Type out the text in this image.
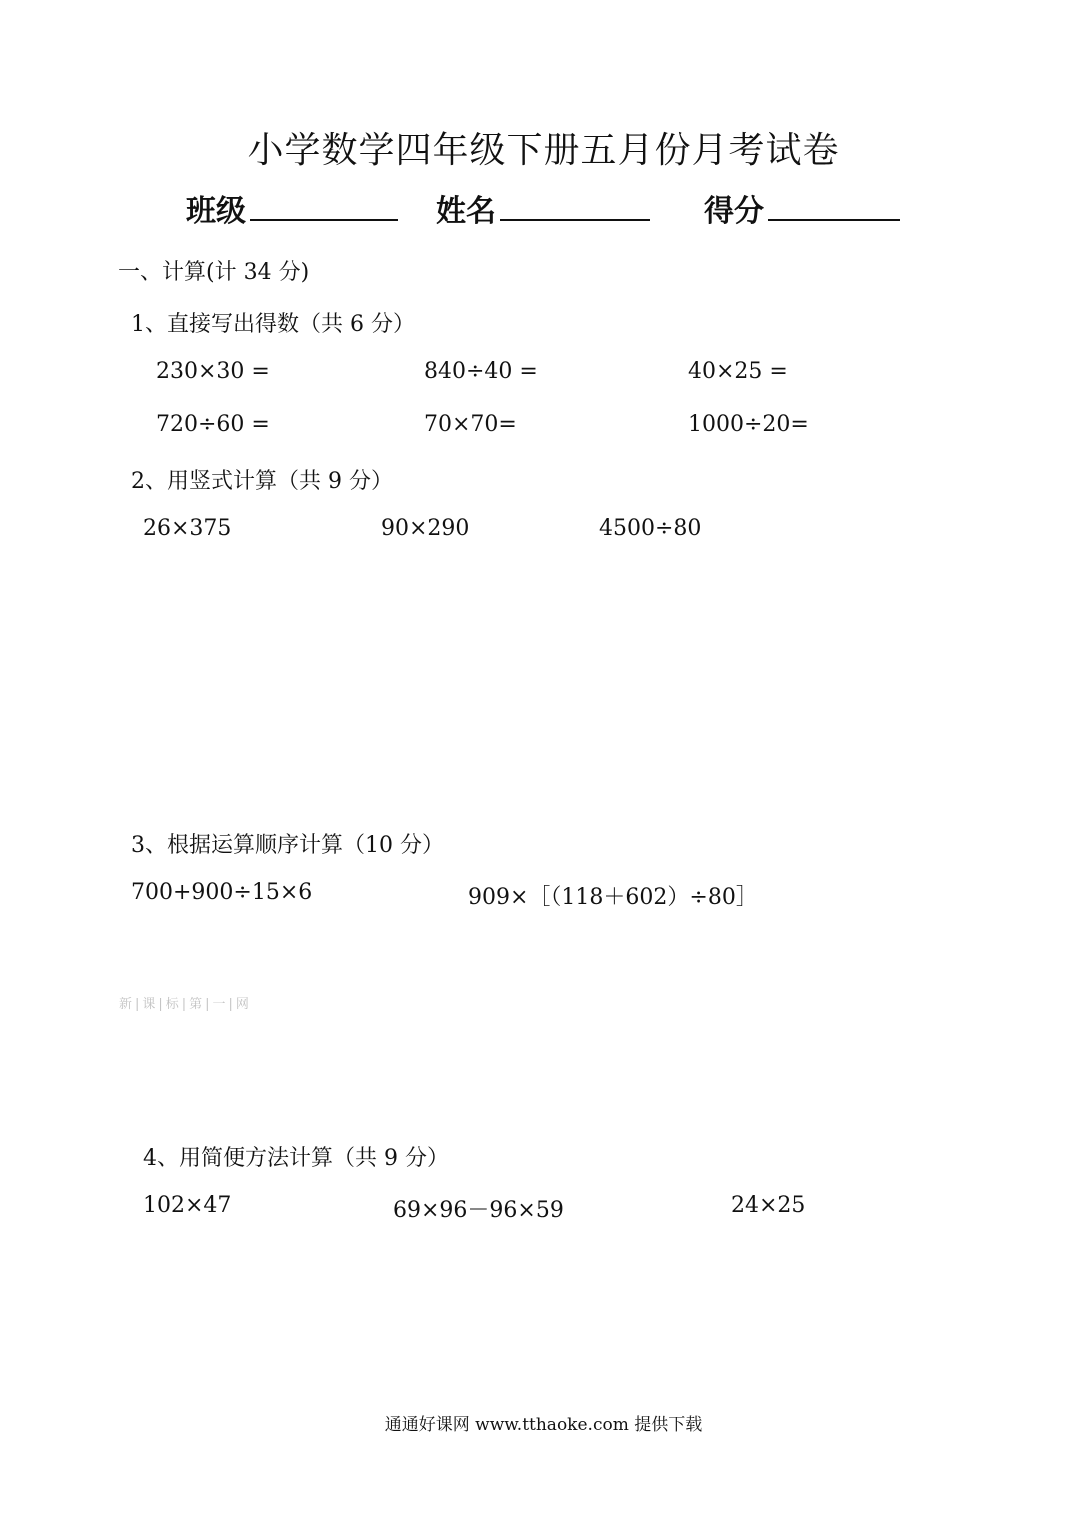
小学数学四年级下册五月份月考试卷
班级	姓名	得分
一、计算(计 34 分)
1、直接写出得数（共 6 分）
230×30 =	840÷40 =	40×25 =
720÷60 =	70×70=	1000÷20=
2、用竖式计算（共 9 分）
26×375	90×290	4500÷80
3、根据运算顺序计算（10 分）
700+900÷15×6	909×［（118＋602）÷80］
新|课|标|第|一|网
4、用简便方法计算（共 9 分）
102×47	69×96－96×59	24×25
通通好课网 www.tthaoke.com 提供下载
